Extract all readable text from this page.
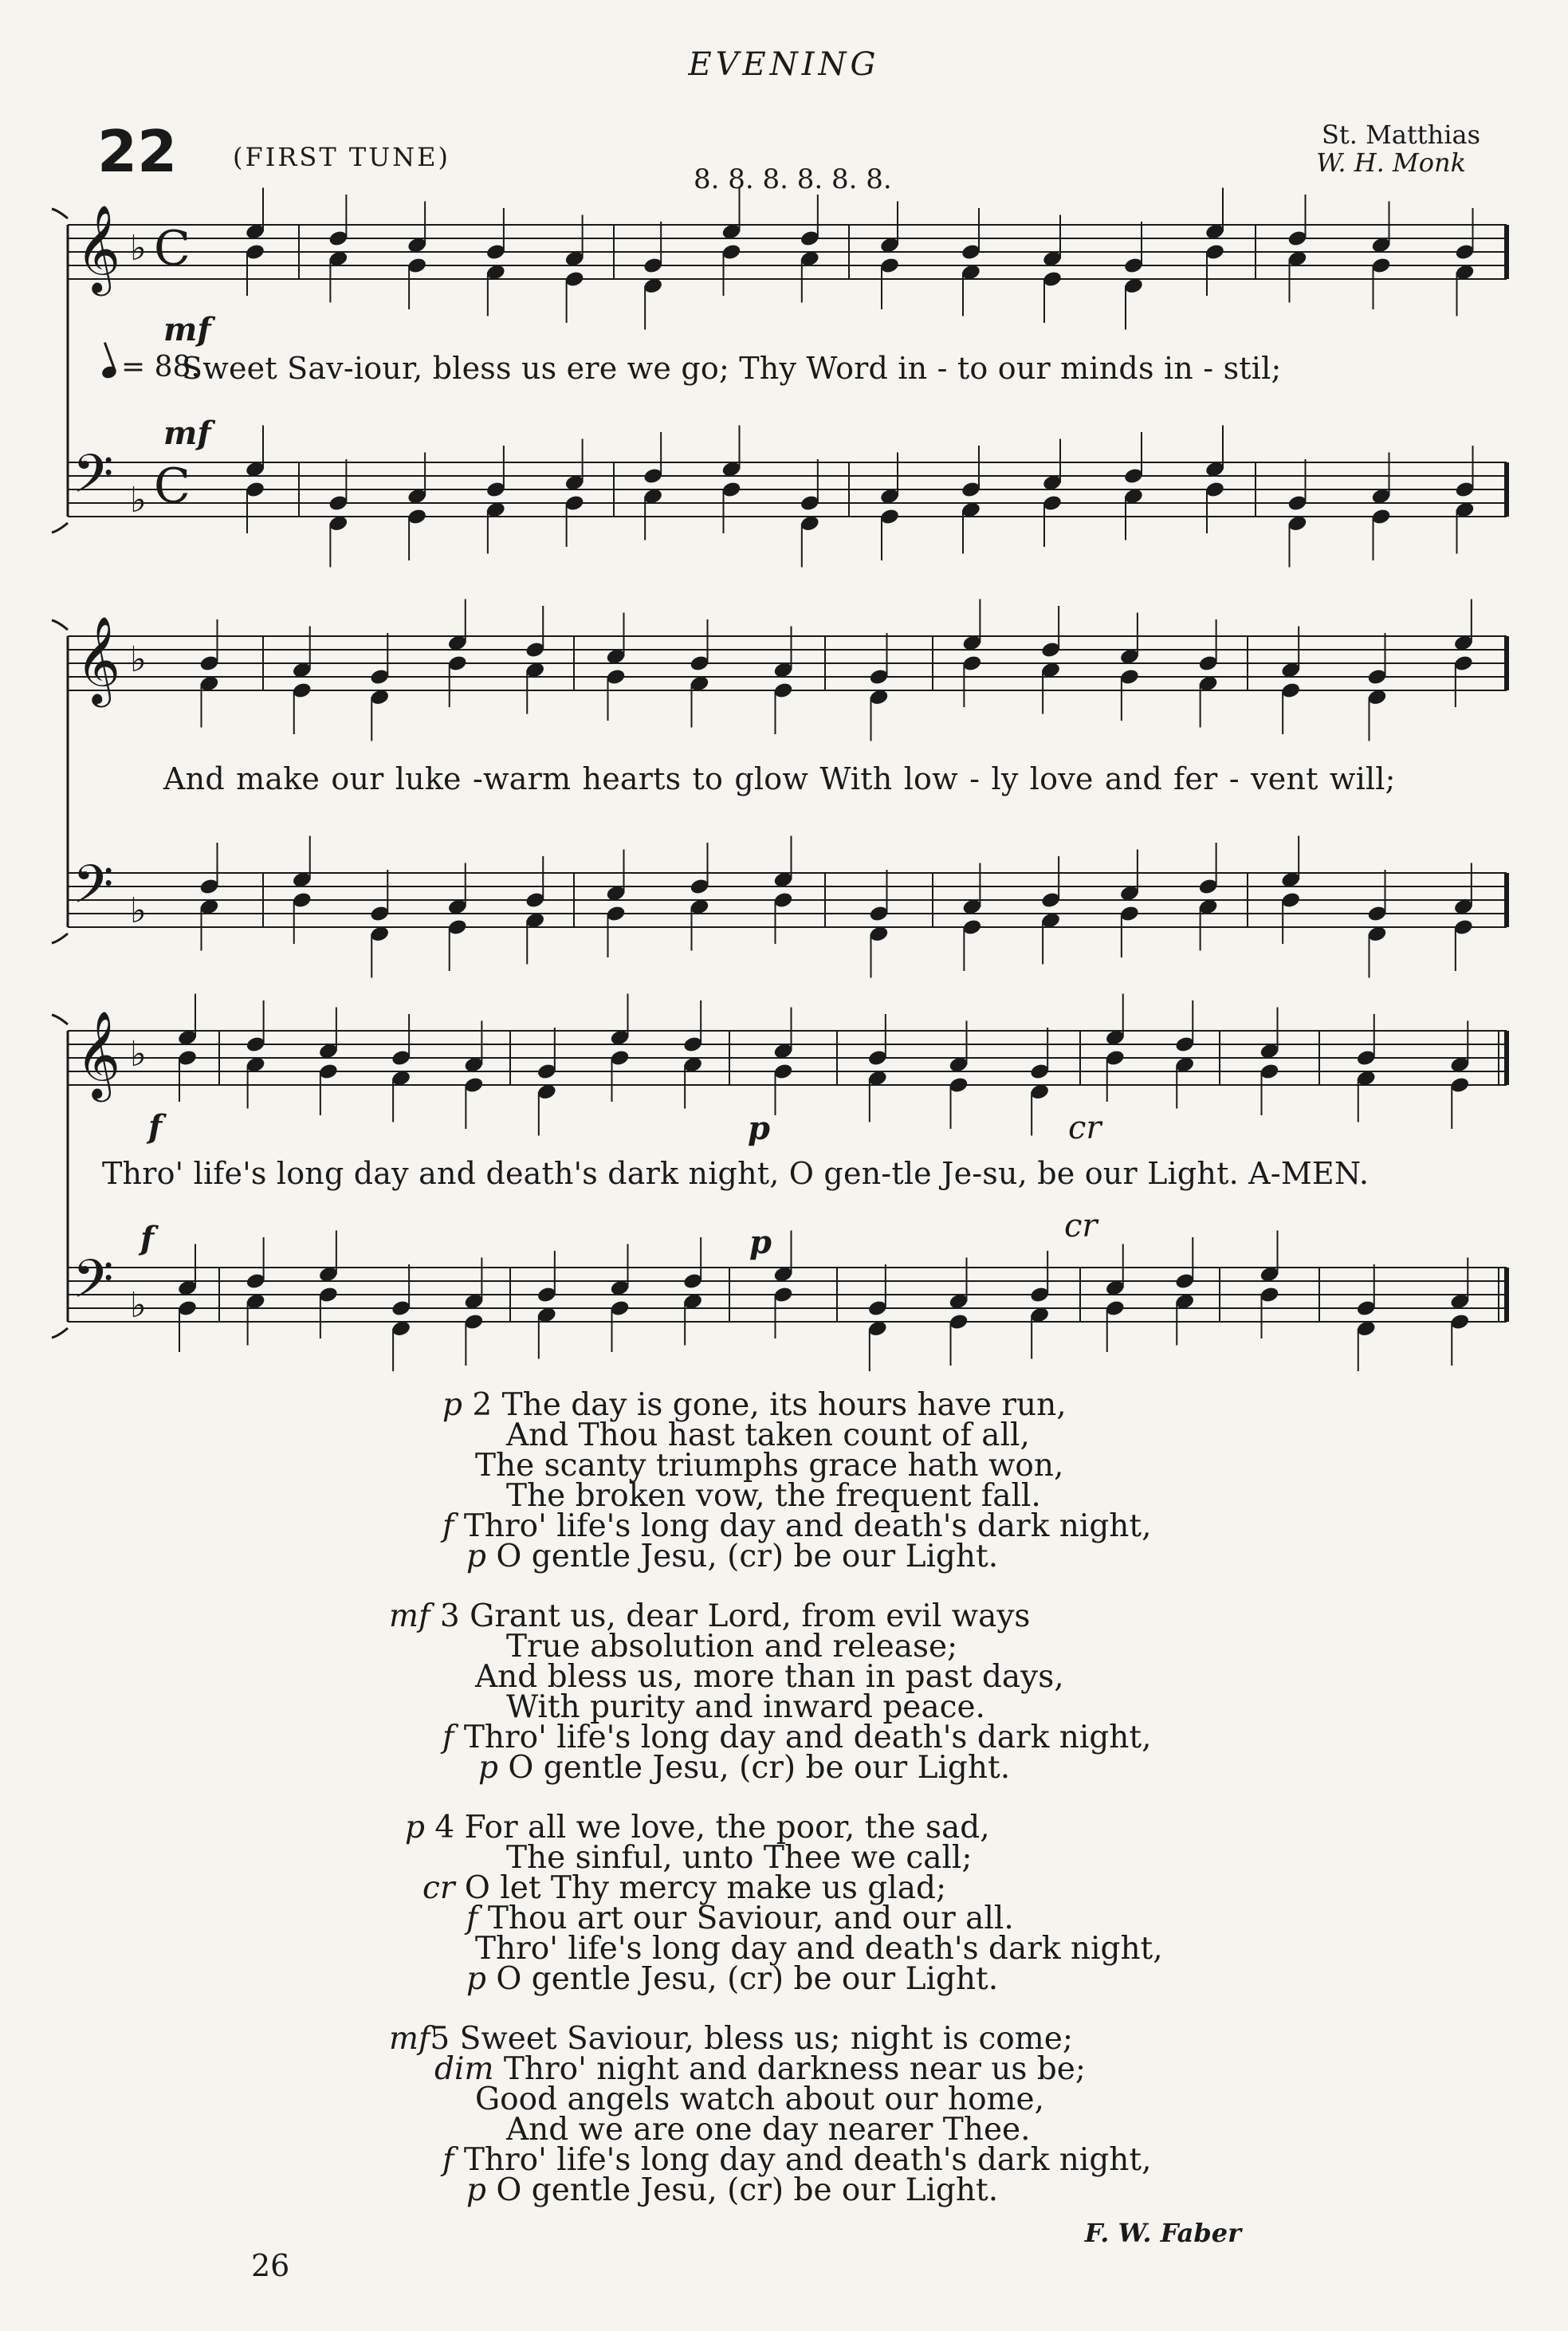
EVENING
22 (FIRST TUNE)
8. 8. 8. 8. 8. 8.
St. Matthias
W. H. Monk
𝄞 ♭ C
𝄢 ♭ C
𝄞 ♭
𝄢 ♭
𝄞 ♭
𝄢 ♭
= 88.
Sweet Sav-iour, bless us ere we go; Thy Word in - to our minds in - stil;
And make our luke -warm hearts to glow With low - ly love and fer - vent will;
Thro' life's long day and death's dark night, O gen-tle Je-su, be our Light. A-MEN.
mf
mf
f	p	cr
f	p	cr
p 2 The day is gone, its hours have run,
And Thou hast taken count of all,
The scanty triumphs grace hath won,
The broken vow, the frequent fall.
f Thro' life's long day and death's dark night,
p O gentle Jesu, (cr) be our Light.
mf 3 Grant us, dear Lord, from evil ways
True absolution and release;
And bless us, more than in past days,
With purity and inward peace.
f Thro' life's long day and death's dark night,
p O gentle Jesu, (cr) be our Light.
p 4 For all we love, the poor, the sad,
The sinful, unto Thee we call;
cr O let Thy mercy make us glad;
f Thou art our Saviour, and our all.
Thro' life's long day and death's dark night,
p O gentle Jesu, (cr) be our Light.
mf5 Sweet Saviour, bless us; night is come;
dim Thro' night and darkness near us be;
Good angels watch about our home,
And we are one day nearer Thee.
f Thro' life's long day and death's dark night,
p O gentle Jesu, (cr) be our Light.
F. W. Faber
26
